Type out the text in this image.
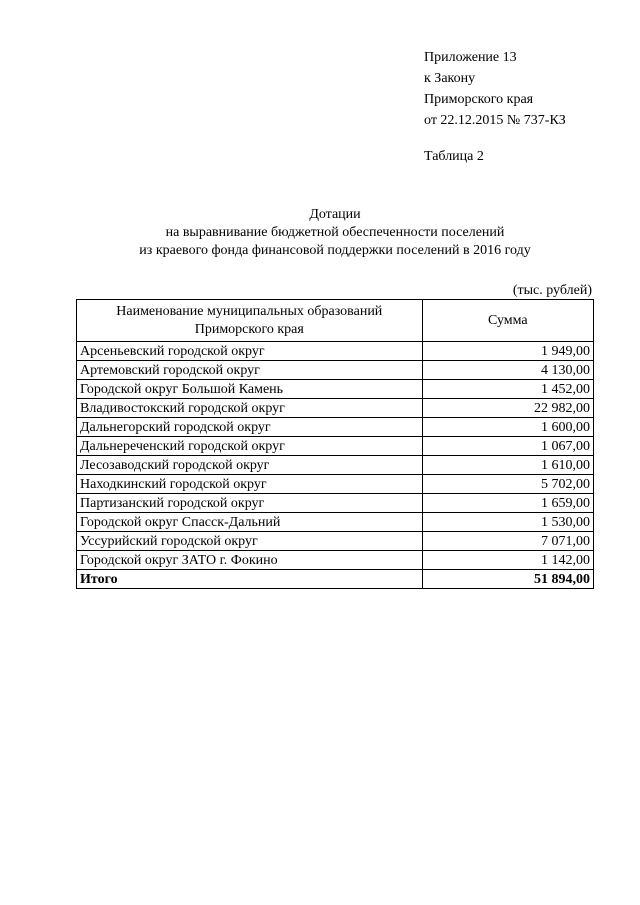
Приложение 13
к Закону
Приморского края
от 22.12.2015 № 737-КЗ
Таблица 2
Дотации
на выравнивание бюджетной обеспеченности поселений
из краевого фонда финансовой поддержки поселений в 2016 году
(тыс. рублей)
Наименование муниципальных образований Приморского края	Сумма
Арсеньевский городской округ	1 949,00
Артемовский городской округ	4 130,00
Городской округ Большой Камень	1 452,00
Владивостокский городской округ	22 982,00
Дальнегорский городской округ	1 600,00
Дальнереченский городской округ	1 067,00
Лесозаводский городской округ	1 610,00
Находкинский городской округ	5 702,00
Партизанский городской округ	1 659,00
Городской округ Спасск-Дальний	1 530,00
Уссурийский городской округ	7 071,00
Городской округ ЗАТО г. Фокино	1 142,00
Итого	51 894,00
